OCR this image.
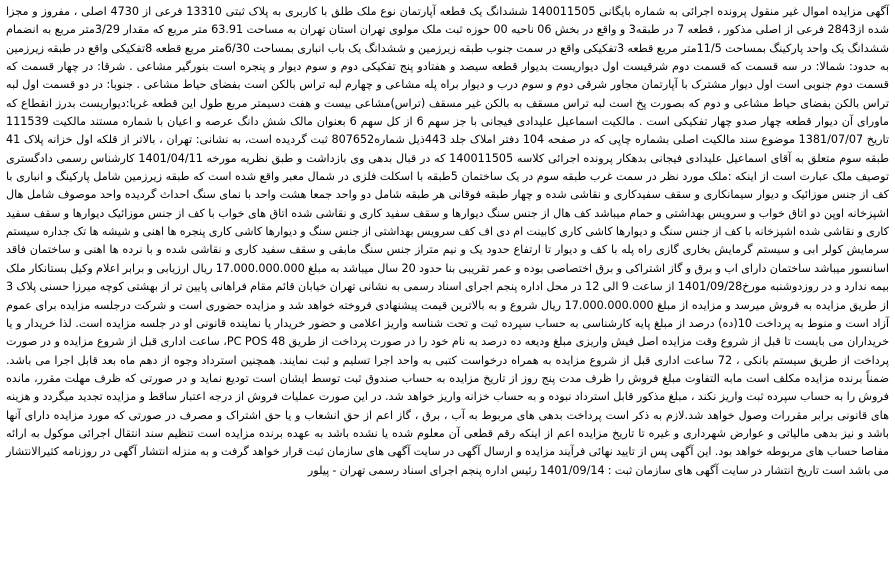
آگهی مزایده اموال غیر منقول پرونده اجرائی به شماره بایگانی 140011505 ششدانگ یک قطعه آپارتمان نوع ملک طلق با کاربری به پلاک ثبتی 13310 فرعی از 4730 اصلی ، مفروز و مجزا شده از2843 فرعی از اصلی مذکور ، قطعه 7 در طبقه3 و واقع در بخش 06 ناحیه 00 حوزه ثبت ملک مولوی تهران استان تهران به مساحت 63.91 متر مربع که مقدار 3/29متر مربع به انضمام ششدانگ یک واحد پارکینگ بمساحت 11/5متر مربع قطعه 3تفکیکی واقع در سمت جنوب طبقه زیرزمین و ششدانگ یک باب انباری بمساحت 6/30متر مربع قطعه 8تفکیکی واقع در طبقه زیرزمین به حدود: شمالا: در سه قسمت که قسمت دوم شرقیست اول دیواریست بدیوار قطعه سیصد و هفتادو پنج تفکیکی دوم و سوم دیوار و پنجره است بنورگیر مشاعی . شرقا: در چهار قسمت که قسمت دوم جنوبی است اول دیوار مشترک با آپارتمان مجاور شرقی دوم و سوم درب و دیوار براه پله مشاعی و چهارم لبه تراس بالکن است بفضای حیاط مشاعی . جنوبا: در دو قسمت اول لبه تراس بالکن بفضای حیاط مشاعی و دوم که بصورت پخ است لبه تراس مسقف به بالکن غیر مسقف (تراس)مشاعی بیست و هفت دسیمتر مربع طول این قطعه غربا:دیواریست بدرز انقطاع که ماورای آن دیوار قطعه چهار صدو چهار تفکیکی است . مالکیت اسماعیل علیدادی فیجانی با جز سهم 6 از کل سهم 6 بعنوان مالک شش دانگ عرصه و اعیان با شماره مستند مالکیت 111539 تاریخ 1381/07/07 موضوع سند مالکیت اصلی بشماره چاپی که در صفحه 104 دفتر املاک جلد 443ذیل شماره807652 ثبت گردیده است، به نشانی: تهران ، بالاتر از قلکه اول خزانه پلاک 41 طبقه سوم متعلق به آقای اسماعیل علیدادی فیجانی بدهکار پرونده اجرائی کلاسه 140011505 که در قبال بدهی وی بازداشت و طبق نظریه مورخه 1401/04/11 کارشناس رسمی دادگستری توصیف ملک عبارت است از اینکه :ملک مورد نظر در سمت غرب طبقه سوم در یک ساختمان 5طبقه با اسکلت فلزی در شمال معبر واقع شده است که طبقه زیرزمین شامل پارکینگ و انباری با کف از جنس موزائیک و دیوار سیمانکاری و سقف سفیدکاری و نقاشی شده و چهار طبقه فوقانی هر طبقه شامل دو واحد جمعا هشت واحد با نمای سنگ احداث گردیده واحد موصوف شامل هال اشپزخانه اوپن دو اتاق خواب و سرویس بهداشتی و حمام میباشد کف هال از جنس سنگ دیوارها و سقف سفید کاری و نقاشی شده اتاق های خواب با کف از جنس موزائیک دیوارها و سقف سفید کاری و نقاشی شده اشپزخانه با کف از جنس سنگ و دیوارها کاشی کاری کابینت ام دی اف کف سرویس بهداشتی از جنس سنگ و دیوارها کاشی کاری پنجره ها اهنی و شیشه ها تک جداره سیستم سرمایش کولر ابی و سیستم گرمایش بخاری گازی راه پله با کف و دیوار تا ارتفاع حدود یک و نیم متراز جنس سنگ مابقی و سقف سفید کاری و نقاشی شده و با نرده ها اهنی و ساختمان فاقد اسانسور میباشد ساختمان دارای اب و برق و گاز اشتراکی و برق اختصاصی بوده و عمر تقریبی بنا حدود 20 سال میباشد به مبلغ 17.000.000.000 ریال ارزیابی و برابر اعلام وکیل بستانکار ملک بیمه ندارد و در روزدوشنبه مورخ1401/09/28 از ساعت 9 الی 12 در محل اداره پنجم اجرای اسناد رسمی به نشانی تهران خیابان قائم مقام فراهانی پایین تر از بهشتی کوچه میرزا حسنی پلاک 3 از طریق مزایده به فروش میرسد و مزایده از مبلغ 17.000.000.000 ریال شروع و به بالاترین قیمت پیشنهادی فروخته خواهد شد و مزایده حضوری است و شرکت درجلسه مزایده برای عموم آزاد است و منوط به پرداخت 10(ده) درصد از مبلغ پایه کارشناسی به حساب سپرده ثبت و تحت شناسه واریز اعلامی و حضور خریدار یا نماینده قانونی او در جلسه مزایده است. لذا خریدار و یا خریداران می بایست تا قبل از شروع وقت مزایده اصل فیش واریزی مبلغ ودیعه ده درصد به نام خود را در صورت پرداخت از طریق 48 PC POS، ساعت اداری قبل از شروع مزایده و در صورت پرداخت از طریق سیستم بانکی ، 72 ساعت اداری قبل از شروع مزایده به همراه درخواست کتبی به واحد اجرا تسلیم و ثبت نمایند. همچنین استرداد وجوه از دهم ماه بعد قابل اجرا می باشد. ضمناً برنده مزایده مکلف است مابه التفاوت مبلغ فروش را ظرف مدت پنج روز از تاریخ مزایده به حساب صندوق ثبت توسط ایشان است تودیع نماید و در صورتی که ظرف مهلت مقرر، مانده فروش را به حساب سپرده ثبت واریز نکند ، مبلغ مذکور قابل استرداد نبوده و به حساب خزانه واریز خواهد شد. در این صورت عملیات فروش از درجه اعتبار ساقط و مزایده تجدید میگردد و هزینه های قانونی برابر مقررات وصول خواهد شد.لازم به ذکر است پرداخت بدهی های مربوط به آب ، برق ، گاز اعم از حق انشعاب و یا حق اشتراک و مصرف در صورتی که مورد مزایده دارای آنها باشد و نیز بدهی مالیاتی و عوارض شهرداری و غیره تا تاریخ مزایده اعم از اینکه رقم قطعی آن معلوم شده یا نشده باشد به عهده برنده مزایده است تنظیم سند انتقال اجرائی موکول به ارائه مفاصا حساب های مربوطه خواهد بود. این آگهی پس از تایید نهائی فرآیند مزایده و ارسال آگهی در سایت آگهی های سازمان ثبت قرار خواهد گرفت و به منزله انتشار آگهی در روزنامه کثیرالانتشار می باشد است تاریخ انتشار در سایت آگهی های سازمان ثبت : 1401/09/14 رئیس اداره پنجم اجرای اسناد رسمی تهران - پیلور
